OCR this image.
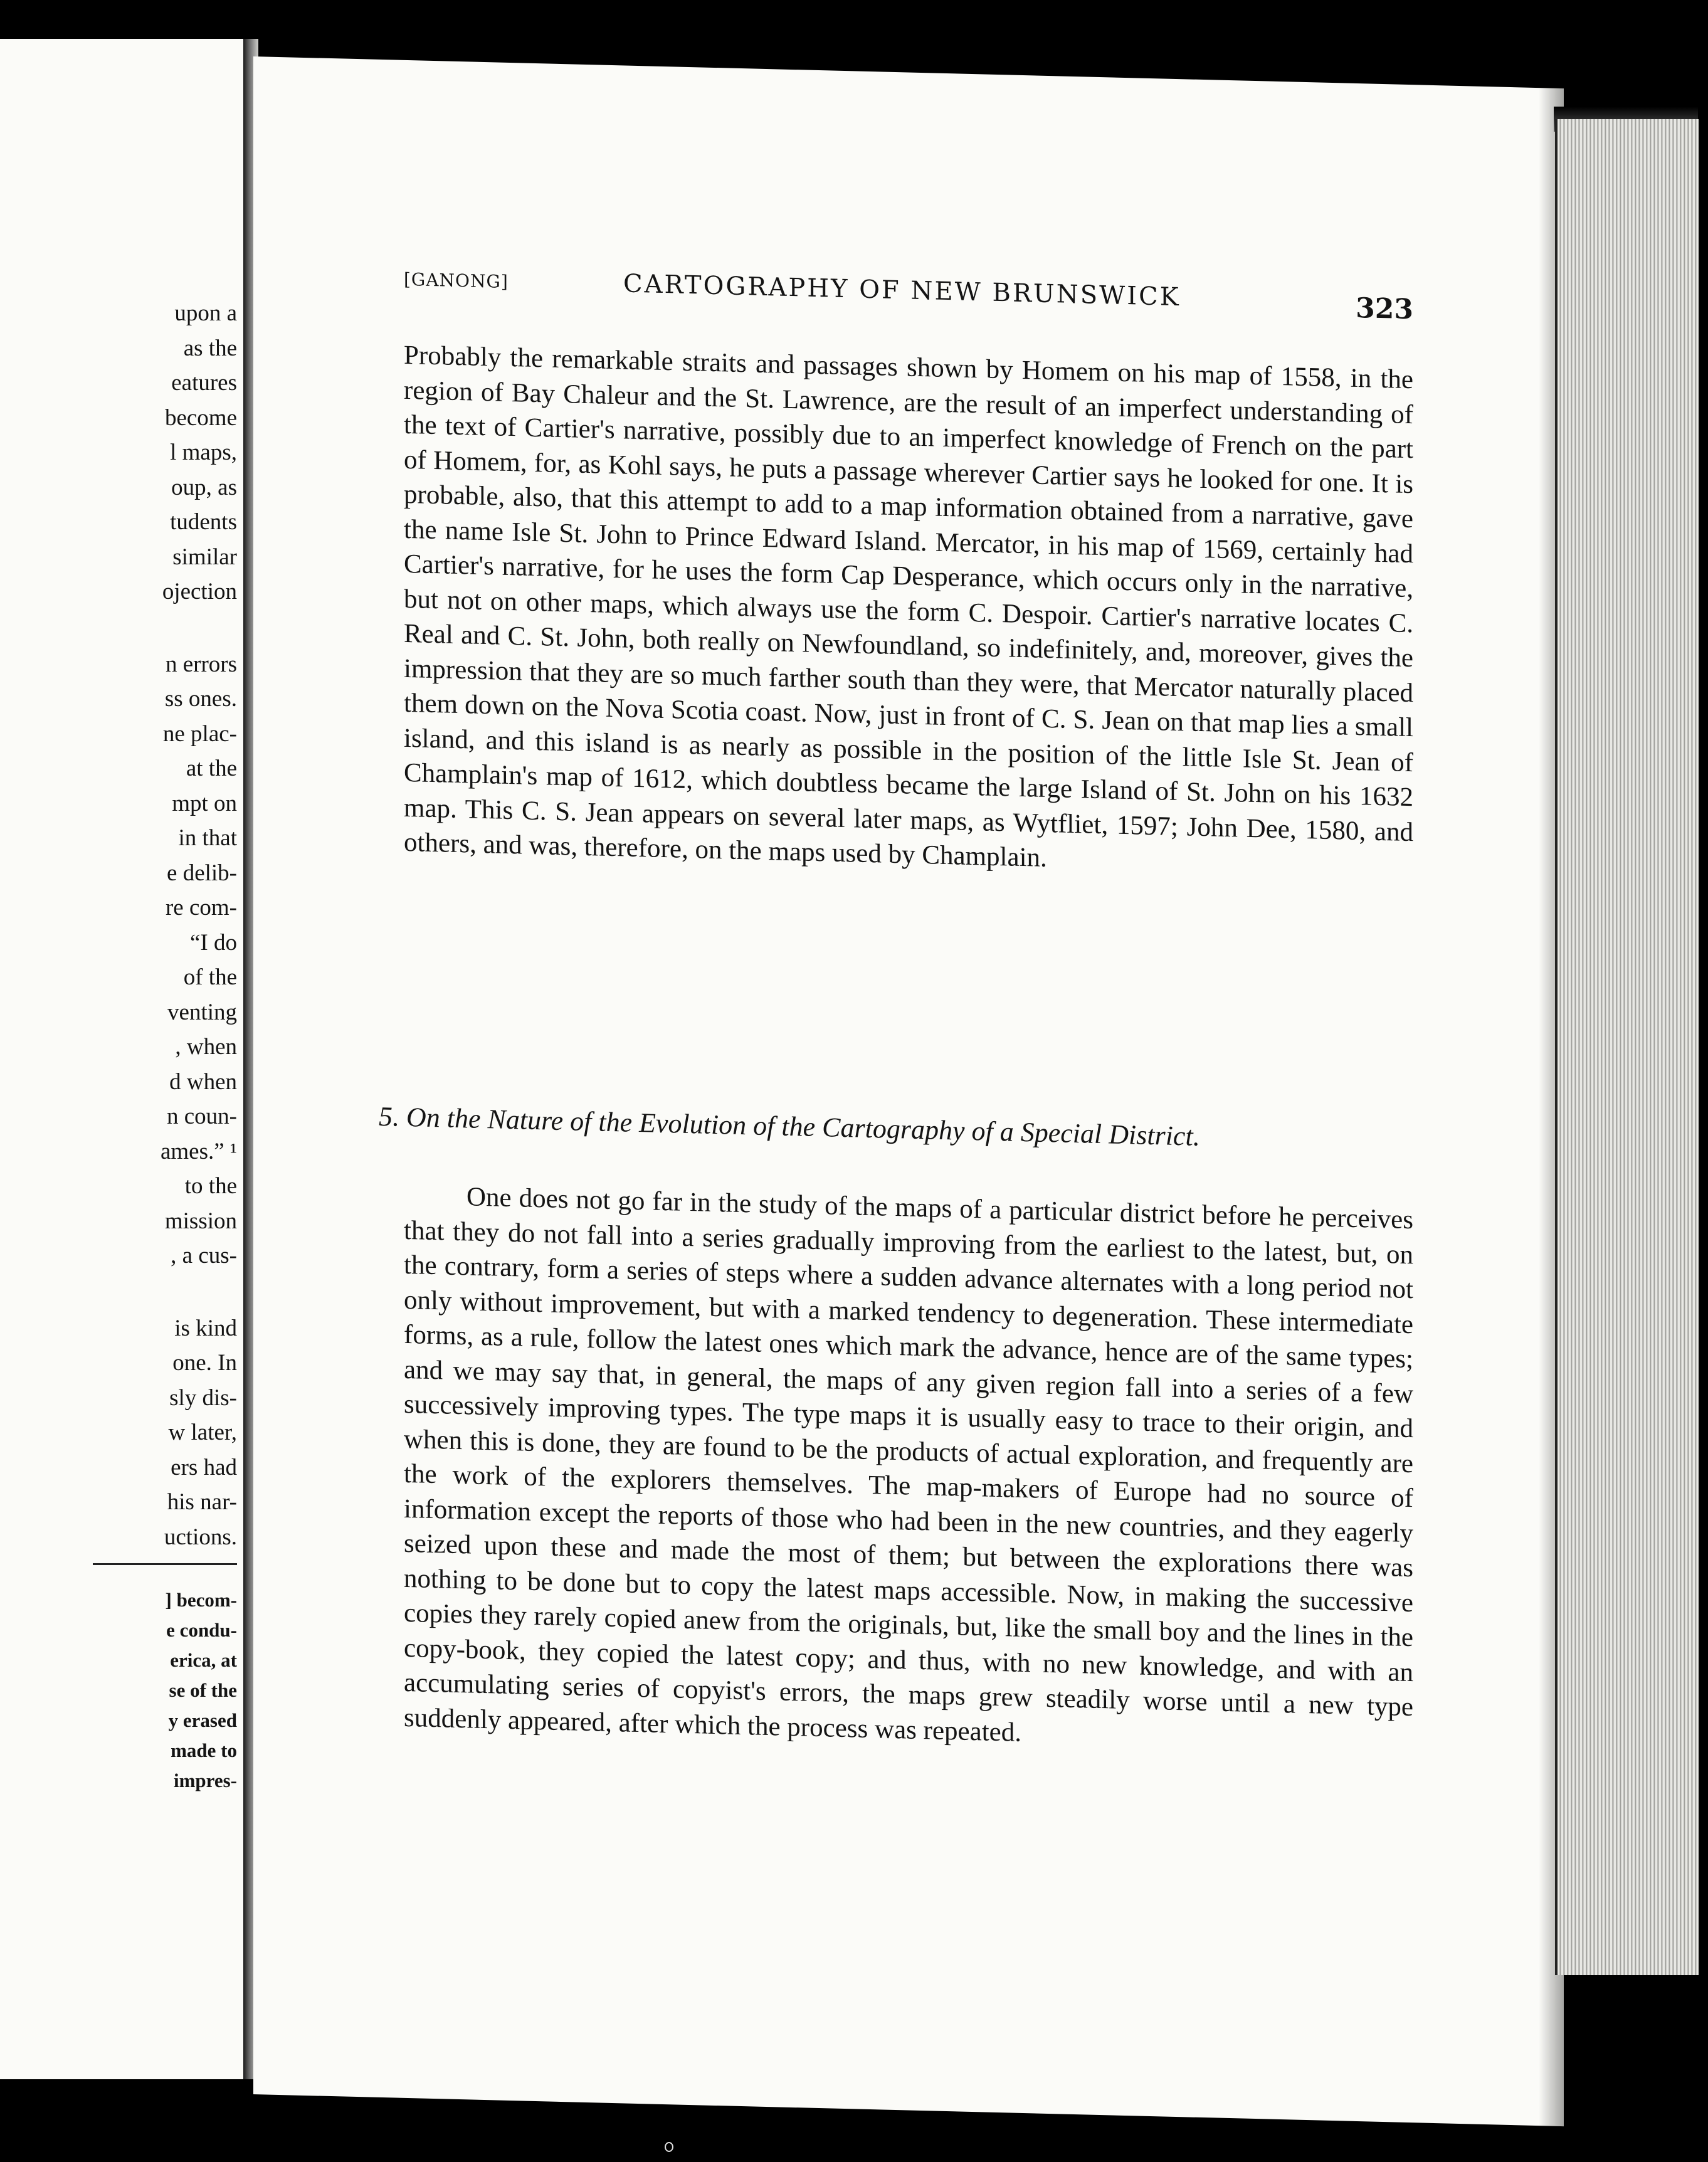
upon a
as the
eatures
become
l maps,
oup, as
tudents
similar
ojection
n errors
ss ones.
ne plac-
at the
mpt on
in that
e delib-
re com-
“I do
of the
venting
, when
d when
n coun-
ames.” ¹
to the
mission
, a cus-
is kind
one. In
sly dis-
w later,
ers had
his nar-
uctions.
] becom-
e condu-
erica, at
se of the
y erased
made to
impres-
[GANONG]	CARTOGRAPHY OF NEW BRUNSWICK	323

Probably the remarkable straits and passages shown by Homem on his map of 1558, in the region of Bay Chaleur and the St. Lawrence, are the result of an imperfect understanding of the text of Cartier's narrative, possibly due to an imperfect knowledge of French on the part of Homem, for, as Kohl says, he puts a passage wherever Cartier says he looked for one. It is probable, also, that this attempt to add to a map information obtained from a narrative, gave the name Isle St. John to Prince Edward Island. Mercator, in his map of 1569, certainly had Cartier's narrative, for he uses the form Cap Desperance, which occurs only in the narrative, but not on other maps, which always use the form C. Despoir. Cartier's narrative locates C. Real and C. St. John, both really on Newfoundland, so indefinitely, and, moreover, gives the impression that they are so much farther south than they were, that Mercator naturally placed them down on the Nova Scotia coast. Now, just in front of C. S. Jean on that map lies a small island, and this island is as nearly as possible in the position of the little Isle St. Jean of Champlain's map of 1612, which doubtless became the large Island of St. John on his 1632 map. This C. S. Jean appears on several later maps, as Wytfliet, 1597; John Dee, 1580, and others, and was, therefore, on the maps used by Champlain.

5. On the Nature of the Evolution of the Cartography of a Special District.

One does not go far in the study of the maps of a particular district before he perceives that they do not fall into a series gradually improving from the earliest to the latest, but, on the contrary, form a series of steps where a sudden advance alternates with a long period not only without improvement, but with a marked tendency to degeneration. These intermediate forms, as a rule, follow the latest ones which mark the advance, hence are of the same types; and we may say that, in general, the maps of any given region fall into a series of a few successively improving types. The type maps it is usually easy to trace to their origin, and when this is done, they are found to be the products of actual exploration, and frequently are the work of the explorers themselves. The map-makers of Europe had no source of information except the reports of those who had been in the new countries, and they eagerly seized upon these and made the most of them; but between the explorations there was nothing to be done but to copy the latest maps accessible. Now, in making the successive copies they rarely copied anew from the originals, but, like the small boy and the lines in the copy-book, they copied the latest copy; and thus, with no new knowledge, and with an accumulating series of copyist's errors, the maps grew steadily worse until a new type suddenly appeared, after which the process was repeated.
